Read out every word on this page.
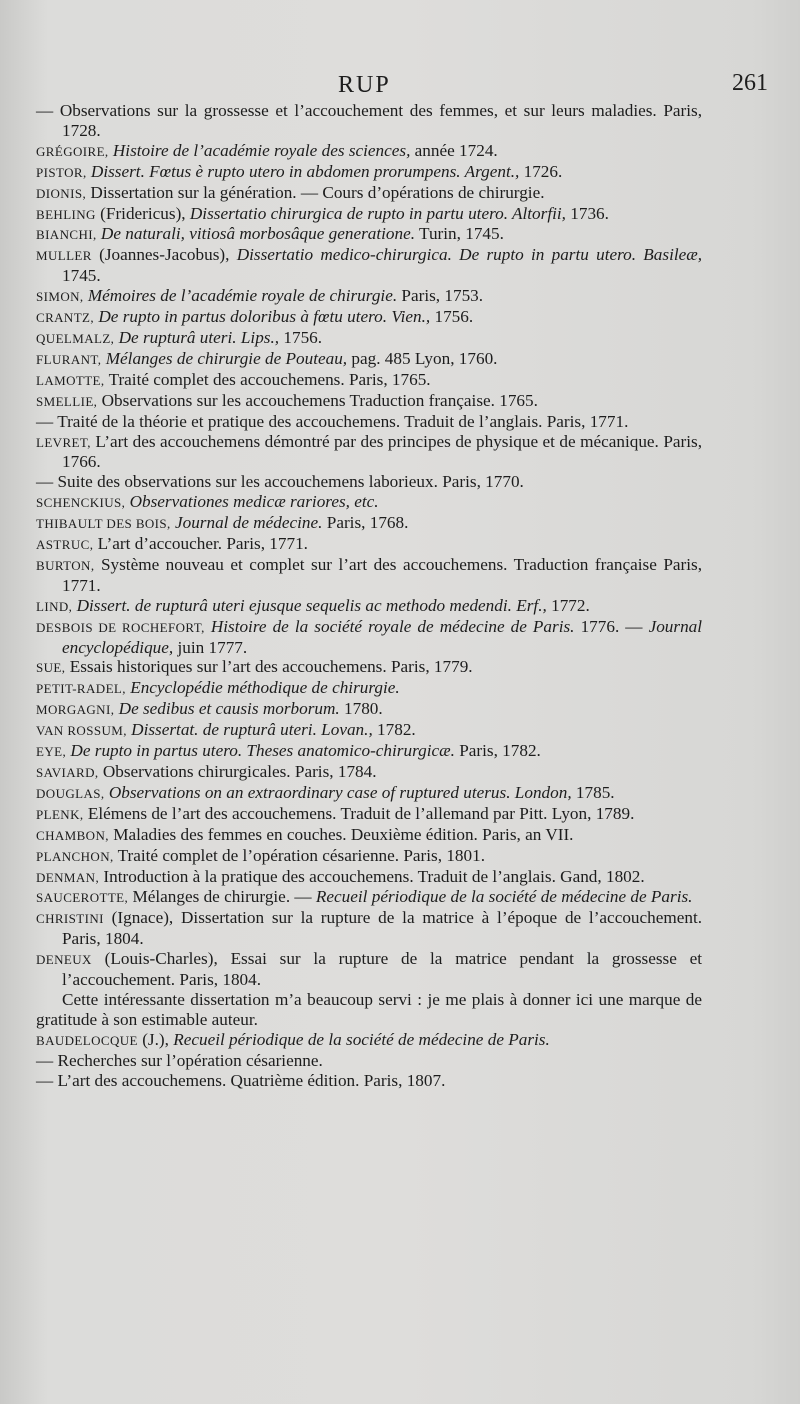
RUP	261
— Observations sur la grossesse et l’accouchement des femmes, et sur leurs maladies. Paris, 1728.
GRÉGOIRE, Histoire de l’académie royale des sciences, année 1724.
PISTOR, Dissert. Fœtus è rupto utero in abdomen prorumpens. Argent., 1726.
DIONIS, Dissertation sur la génération. — Cours d’opérations de chirurgie.
BEHLING (Fridericus), Dissertatio chirurgica de rupto in partu utero. Altorfii, 1736.
BIANCHI, De naturali, vitiosâ morbosâque generatione. Turin, 1745.
MULLER (Joannes-Jacobus), Dissertatio medico-chirurgica. De rupto in partu utero. Basileæ, 1745.
SIMON, Mémoires de l’académie royale de chirurgie. Paris, 1753.
CRANTZ, De rupto in partus doloribus à fœtu utero. Vien., 1756.
QUELMALZ, De rupturâ uteri. Lips., 1756.
FLURANT, Mélanges de chirurgie de Pouteau, pag. 485 Lyon, 1760.
LAMOTTE, Traité complet des accouchemens. Paris, 1765.
SMELLIE, Observations sur les accouchemens Traduction française. 1765.
— Traité de la théorie et pratique des accouchemens. Traduit de l’anglais. Paris, 1771.
LEVRET, L’art des accouchemens démontré par des principes de physique et de mécanique. Paris, 1766.
— Suite des observations sur les accouchemens laborieux. Paris, 1770.
SCHENCKIUS, Observationes medicæ rariores, etc.
THIBAULT DES BOIS, Journal de médecine. Paris, 1768.
ASTRUC, L’art d’accoucher. Paris, 1771.
BURTON, Système nouveau et complet sur l’art des accouchemens. Traduction française Paris, 1771.
LIND, Dissert. de rupturâ uteri ejusque sequelis ac methodo medendi. Erf., 1772.
DESBOIS DE ROCHEFORT, Histoire de la société royale de médecine de Paris. 1776. — Journal encyclopédique, juin 1777.
SUE, Essais historiques sur l’art des accouchemens. Paris, 1779.
PETIT-RADEL, Encyclopédie méthodique de chirurgie.
MORGAGNI, De sedibus et causis morborum. 1780.
VAN ROSSUM, Dissertat. de rupturâ uteri. Lovan., 1782.
EYE, De rupto in partus utero. Theses anatomico-chirurgicæ. Paris, 1782.
SAVIARD, Observations chirurgicales. Paris, 1784.
DOUGLAS, Observations on an extraordinary case of ruptured uterus. London, 1785.
PLENK, Elémens de l’art des accouchemens. Traduit de l’allemand par Pitt. Lyon, 1789.
CHAMBON, Maladies des femmes en couches. Deuxième édition. Paris, an VII.
PLANCHON, Traité complet de l’opération césarienne. Paris, 1801.
DENMAN, Introduction à la pratique des accouchemens. Traduit de l’anglais. Gand, 1802.
SAUCEROTTE, Mélanges de chirurgie. — Recueil périodique de la société de médecine de Paris.
CHRISTINI (Ignace), Dissertation sur la rupture de la matrice à l’époque de l’accouchement. Paris, 1804.
DENEUX (Louis-Charles), Essai sur la rupture de la matrice pendant la grossesse et l’accouchement. Paris, 1804.
Cette intéressante dissertation m’a beaucoup servi : je me plais à donner ici une marque de gratitude à son estimable auteur.
BAUDELOCQUE (J.), Recueil périodique de la société de médecine de Paris.
— Recherches sur l’opération césarienne.
— L’art des accouchemens. Quatrième édition. Paris, 1807.
